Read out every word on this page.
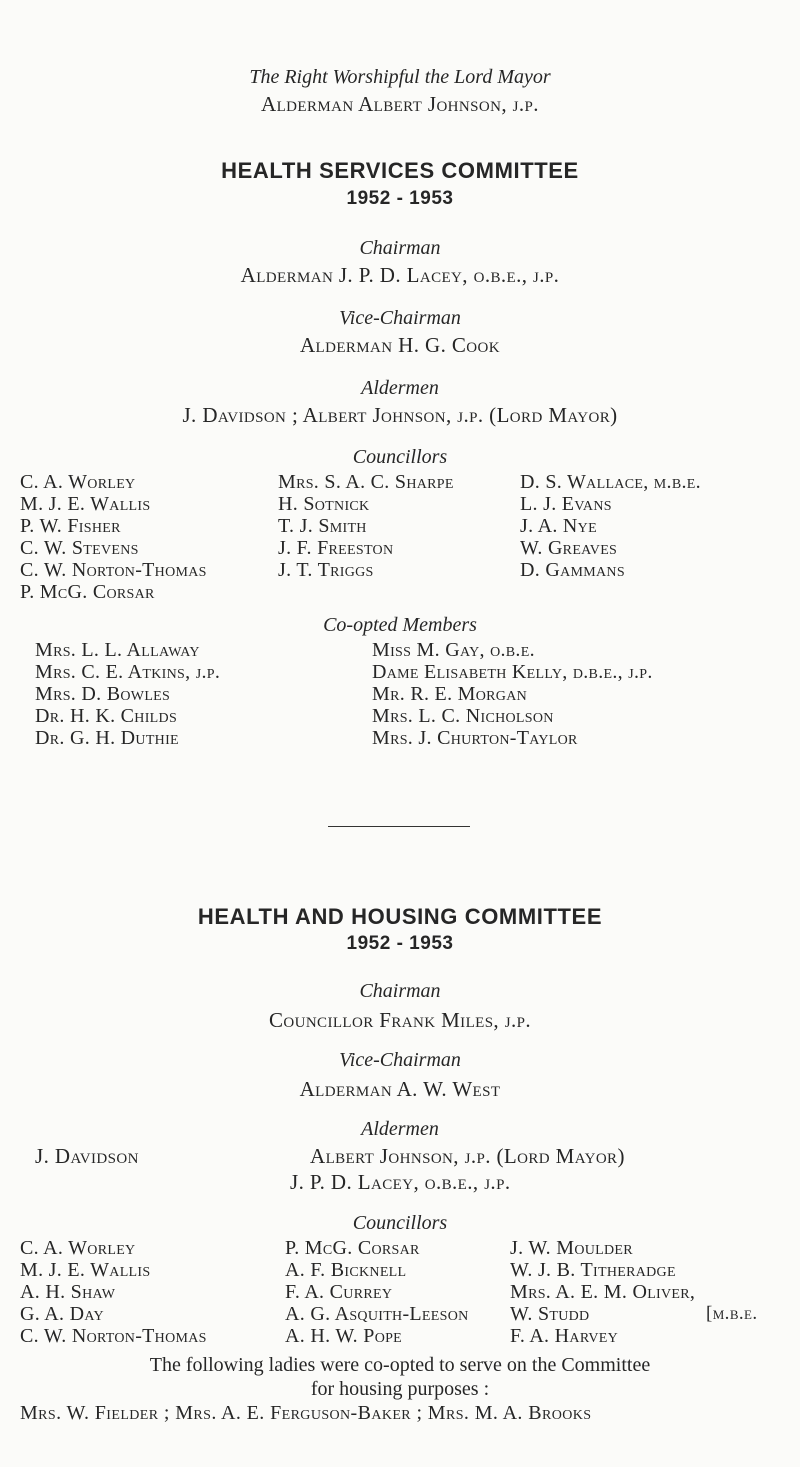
The Right Worshipful the Lord Mayor
Alderman Albert Johnson, j.p.
HEALTH SERVICES COMMITTEE
1952 - 1953
Chairman
Alderman J. P. D. Lacey, o.b.e., j.p.
Vice-Chairman
Alderman H. G. Cook
Aldermen
J. Davidson ; Albert Johnson, j.p. (Lord Mayor)
Councillors
C. A. Worley
M. J. E. Wallis
P. W. Fisher
C. W. Stevens
C. W. Norton-Thomas
P. McG. Corsar
Mrs. S. A. C. Sharpe
H. Sotnick
T. J. Smith
J. F. Freeston
J. T. Triggs
D. S. Wallace, m.b.e.
L. J. Evans
J. A. Nye
W. Greaves
D. Gammans
Co-opted Members
Mrs. L. L. Allaway
Mrs. C. E. Atkins, j.p.
Mrs. D. Bowles
Dr. H. K. Childs
Dr. G. H. Duthie
Miss M. Gay, o.b.e.
Dame Elisabeth Kelly, d.b.e., j.p.
Mr. R. E. Morgan
Mrs. L. C. Nicholson
Mrs. J. Churton-Taylor
HEALTH AND HOUSING COMMITTEE
1952 - 1953
Chairman
Councillor Frank Miles, j.p.
Vice-Chairman
Alderman A. W. West
Aldermen
J. Davidson	Albert Johnson, j.p. (Lord Mayor)
J. P. D. Lacey, o.b.e., j.p.
Councillors
C. A. Worley
M. J. E. Wallis
A. H. Shaw
G. A. Day
C. W. Norton-Thomas
P. McG. Corsar
A. F. Bicknell
F. A. Currey
A. G. Asquith-Leeson
A. H. W. Pope
J. W. Moulder
W. J. B. Titheradge
Mrs. A. E. M. Oliver,
W. Studd
F. A. Harvey
[m.b.e.
The following ladies were co-opted to serve on the Committee
for housing purposes :
Mrs. W. Fielder ; Mrs. A. E. Ferguson-Baker ; Mrs. M. A. Brooks
